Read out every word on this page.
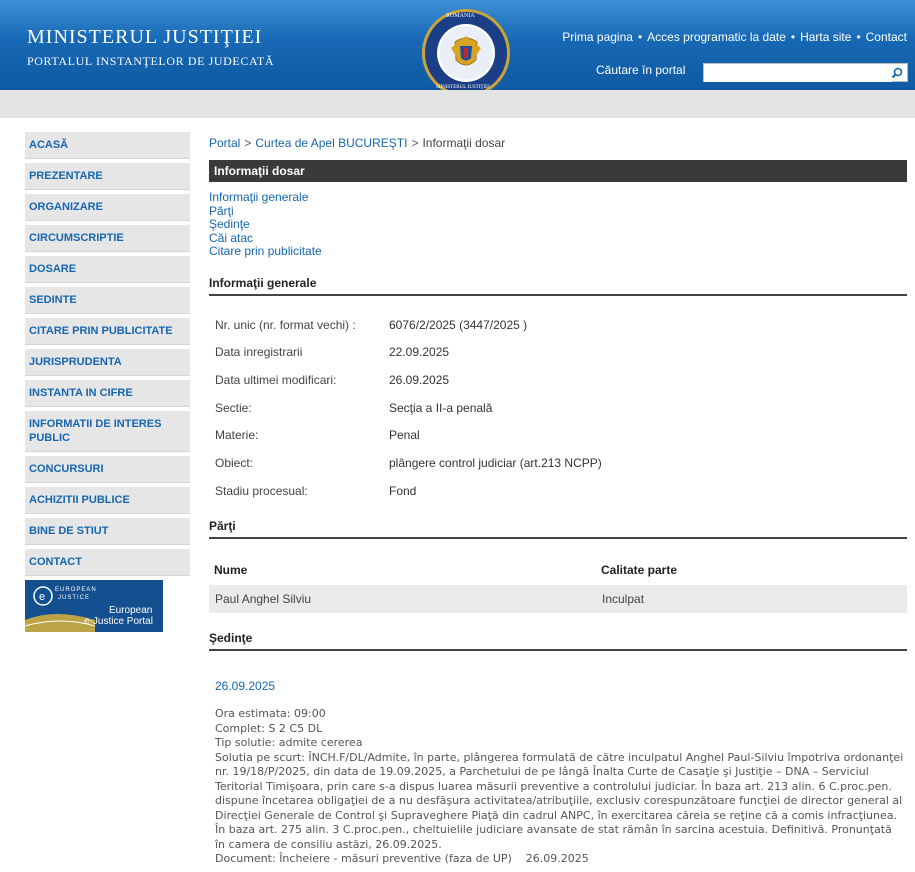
MINISTERUL JUSTIŢIEI
PORTALUL INSTANŢELOR DE JUDECATĂ
ROMANIA
MINISTERUL JUSTIŢIEI
Prima pagina • Acces programatic la date • Harta site • Contact
Căutare în portal
ACASĂ
PREZENTARE
ORGANIZARE
CIRCUMSCRIPTIE
DOSARE
SEDINTE
CITARE PRIN PUBLICITATE
JURISPRUDENTA
INSTANTA IN CIFRE
INFORMATII DE INTERES PUBLIC
CONCURSURI
ACHIZITII PUBLICE
BINE DE STIUT
CONTACT
e
EUROPEAN
JUSTICE
European
e-Justice Portal
Portal > Curtea de Apel BUCUREŞTI > Informaţii dosar
Informaţii dosar
Informaţii generale
Părţi
Şedinţe
Căi atac
Citare prin publicitate
Informaţii generale
Nr. unic (nr. format vechi) :	6076/2/2025 (3447/2025 )
Data inregistrarii	22.09.2025
Data ultimei modificari:	26.09.2025
Sectie:	Secţia a II-a penală
Materie:	Penal
Obiect:	plângere control judiciar (art.213 NCPP)
Stadiu procesual:	Fond
Părţi
Nume	Calitate parte
Paul Anghel Silviu	Inculpat
Şedinţe
26.09.2025
Ora estimata: 09:00
Complet: S 2 C5 DL
Tip solutie: admite cererea
Solutia pe scurt: ÎNCH.F/DL/Admite, în parte, plângerea formulată de către inculpatul Anghel Paul-Silviu împotriva ordonanţei nr. 19/18/P/2025, din data de 19.09.2025, a Parchetului de pe lângă Înalta Curte de Casaţie şi Justiţie – DNA – Serviciul Teritorial Timişoara, prin care s-a dispus luarea măsurii preventive a controlului judiciar. În baza art. 213 alin. 6 C.proc.pen. dispune încetarea obligaţiei de a nu desfăşura activitatea/atribuţiile, exclusiv corespunzătoare funcţiei de director general al Direcţiei Generale de Control şi Supraveghere Piaţă din cadrul ANPC, în exercitarea căreia se reţine că a comis infracţiunea. În baza art. 275 alin. 3 C.proc.pen., cheltuielile judiciare avansate de stat rămân în sarcina acestuia. Definitivă. Pronunţată în camera de consiliu astăzi, 26.09.2025.
Document: Încheiere - măsuri preventive (faza de UP)    26.09.2025
